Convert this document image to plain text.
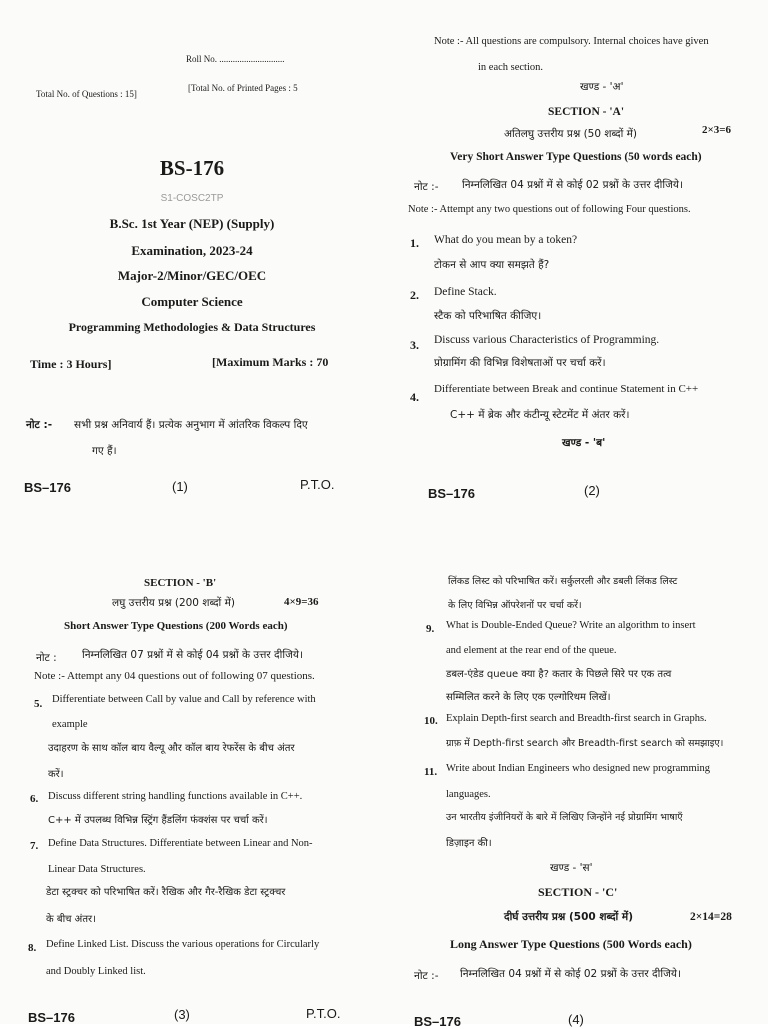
Roll No. .............................
Total No. of Questions : 15]
[Total No. of Printed Pages : 5
BS-176
S1-COSC2TP
B.Sc. 1st Year (NEP) (Supply)
Examination, 2023-24
Major-2/Minor/GEC/OEC
Computer Science
Programming Methodologies & Data Structures
Time : 3 Hours]	[Maximum Marks : 70
नोट :- सभी प्रश्न अनिवार्य हैं। प्रत्येक अनुभाग में आंतरिक विकल्प दिए
गए हैं।
BS–176	(1)	P.T.O.
Note :- All questions are compulsory. Internal choices have given
in each section.
खण्ड - 'अ'
SECTION - 'A'
अतिलघु उत्तरीय प्रश्न (50 शब्दों में)	2×3=6
Very Short Answer Type Questions (50 words each)
नोट :- निम्नलिखित 04 प्रश्नों में से कोई 02 प्रश्नों के उत्तर दीजिये।
Note :- Attempt any two questions out of following Four questions.
1. What do you mean by a token?
टोकन से आप क्या समझते हैं?
2. Define Stack.
स्टैक को परिभाषित कीजिए।
3. Discuss various Characteristics of Programming.
प्रोग्रामिंग की विभिन्न विशेषताओं पर चर्चा करें।
4.
Differentiate between Break and continue Statement in C++
C++ में ब्रेक और कंटीन्यू स्टेटमेंट में अंतर करें।
खण्ड - 'ब'
BS–176	(2)
SECTION - 'B'
लघु उत्तरीय प्रश्न (200 शब्दों में)	4×9=36
Short Answer Type Questions (200 Words each)
नोट : निम्नलिखित 07 प्रश्नों में से कोई 04 प्रश्नों के उत्तर दीजिये।
Note :- Attempt any 04 questions out of following 07 questions.
5. Differentiate between Call by value and Call by reference with
example
उदाहरण के साथ कॉल बाय वैल्यू और कॉल बाय रेफरेंस के बीच अंतर
करें।
6. Discuss different string handling functions available in C++.
C++ में उपलब्ध विभिन्न स्ट्रिंग हैंडलिंग फंक्शंस पर चर्चा करें।
7. Define Data Structures. Differentiate between Linear and Non-
Linear Data Structures.
डेटा स्ट्रक्चर को परिभाषित करें। रैखिक और गैर-रैखिक डेटा स्ट्रक्चर
के बीच अंतर।
8. Define Linked List. Discuss the various operations for Circularly
and Doubly Linked list.
BS–176	(3)	P.T.O.
लिंकड लिस्ट को परिभाषित करें। सर्कुलरली और डबली लिंकड लिस्ट
के लिए विभिन्न ऑपरेशनों पर चर्चा करें।
9. What is Double-Ended Queue? Write an algorithm to insert
and element at the rear end of the queue.
डबल-एंडेड queue क्या है? कतार के पिछले सिरे पर एक तत्व
सम्मिलित करने के लिए एक एल्गोरिथम लिखें।
10. Explain Depth-first search and Breadth-first search in Graphs.
ग्राफ़ में Depth-first search और Breadth-first search को समझाइए।
11. Write about Indian Engineers who designed new programming
languages.
उन भारतीय इंजीनियरों के बारे में लिखिए जिन्होंने नई प्रोग्रामिंग भाषाएँ
डिज़ाइन की।
खण्ड - 'स'
SECTION - 'C'
दीर्घ उत्तरीय प्रश्न (500 शब्दों में)	2×14=28
Long Answer Type Questions (500 Words each)
नोट :- निम्नलिखित 04 प्रश्नों में से कोई 02 प्रश्नों के उत्तर दीजिये।
BS–176	(4)
